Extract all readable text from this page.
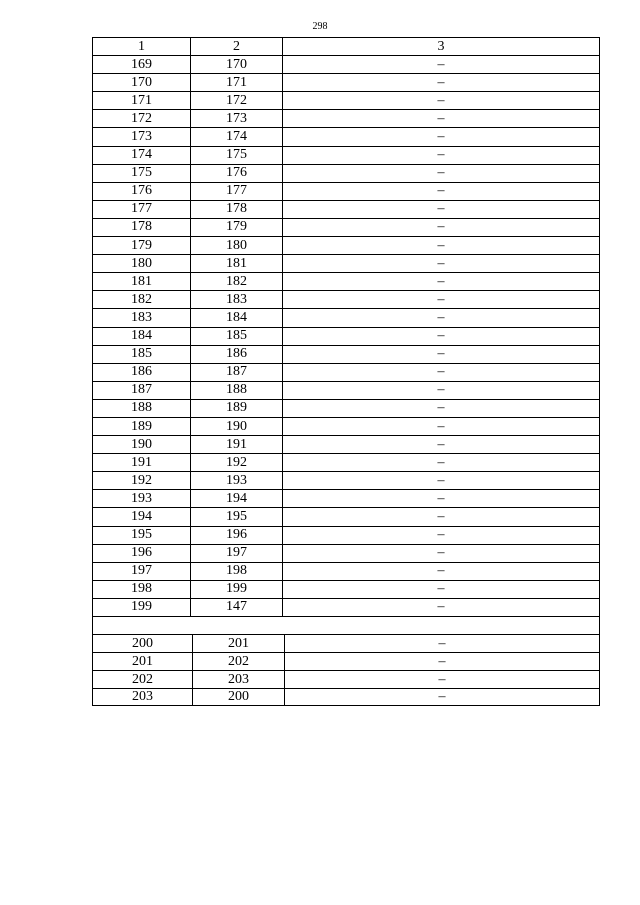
298
1	2	3
169	170	–
170	171	–
171	172	–
172	173	–
173	174	–
174	175	–
175	176	–
176	177	–
177	178	–
178	179	–
179	180	–
180	181	–
181	182	–
182	183	–
183	184	–
184	185	–
185	186	–
186	187	–
187	188	–
188	189	–
189	190	–
190	191	–
191	192	–
192	193	–
193	194	–
194	195	–
195	196	–
196	197	–
197	198	–
198	199	–
199	147	–
200	201	–
201	202	–
202	203	–
203	200	–
